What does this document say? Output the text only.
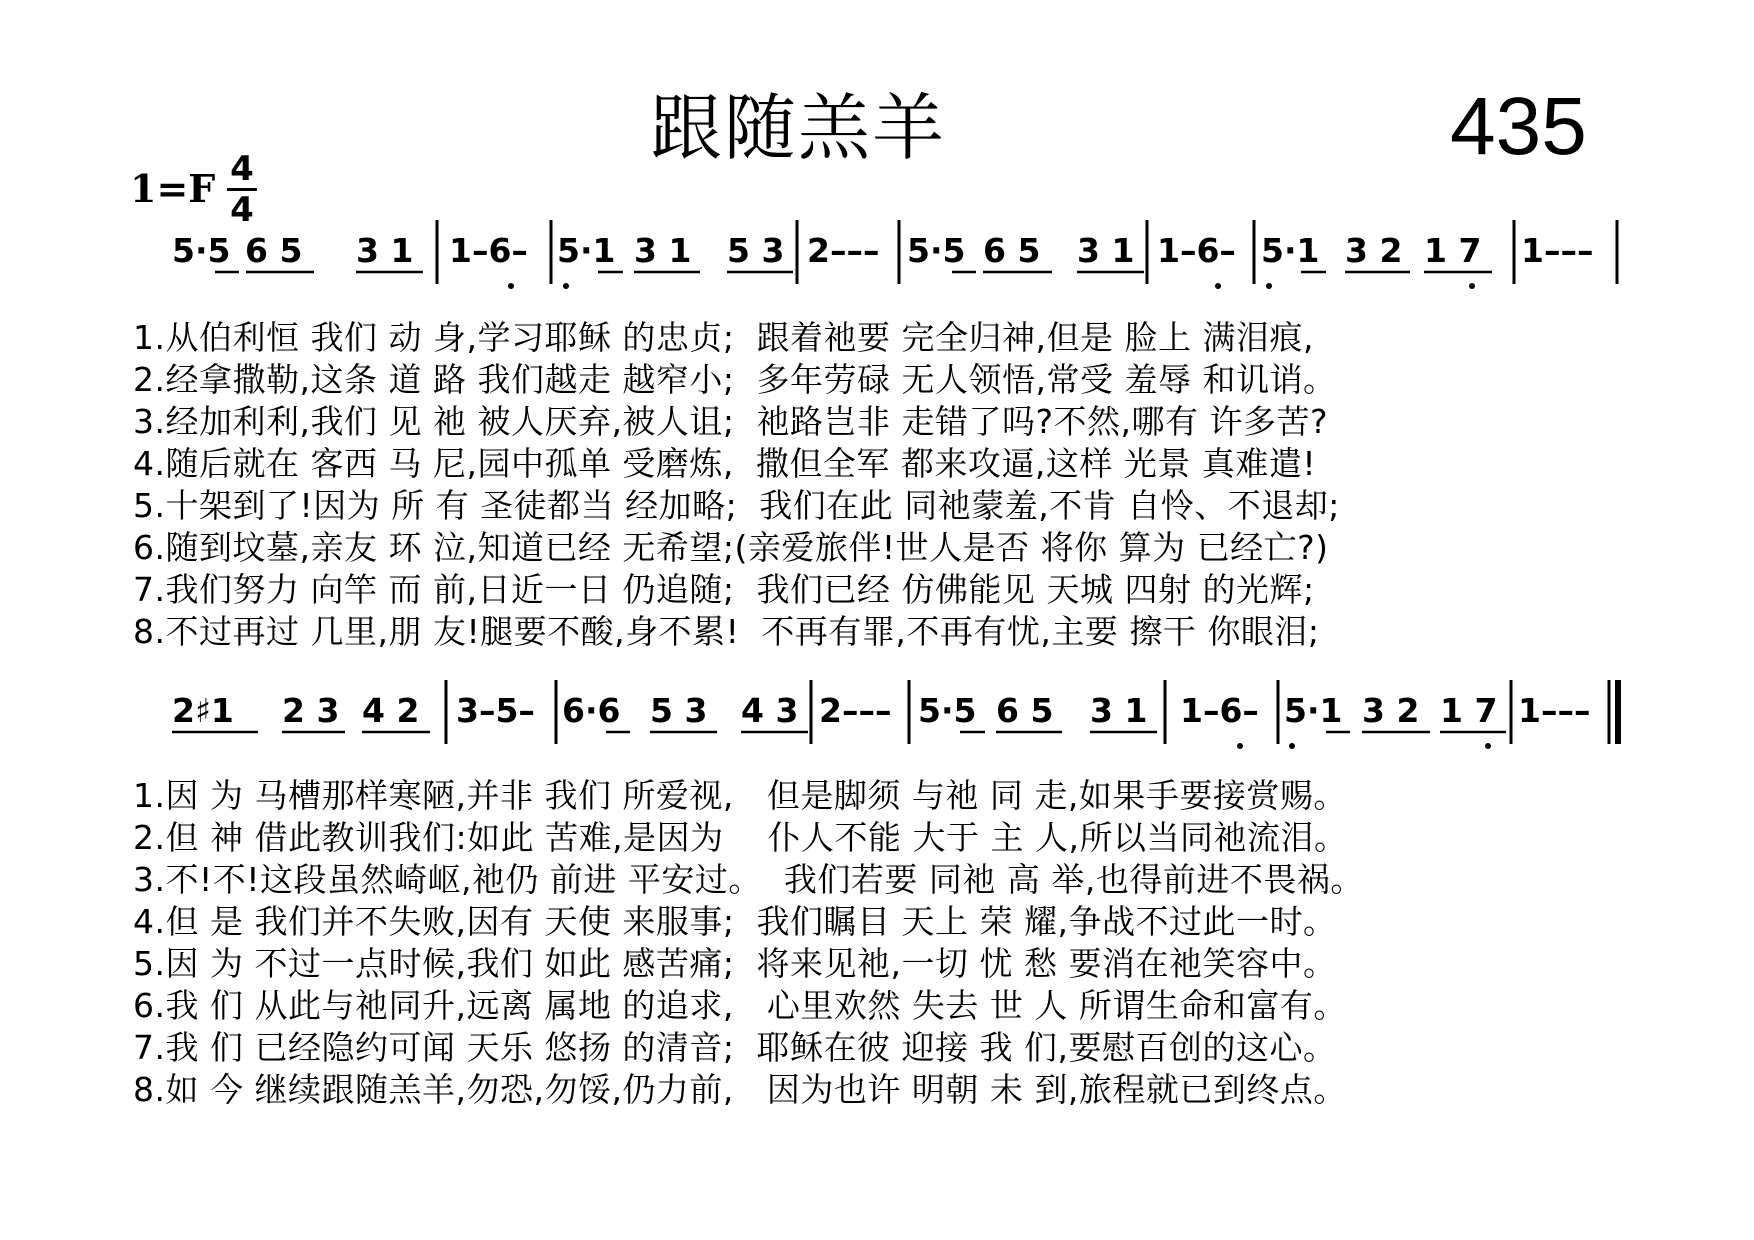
跟随羔羊	435
1=F 4
4
5·5 6 5 3 1 1–6– 5·1 3 1 5 3 2––– 5·5 6 5 3 1 1–6– 5·1 3 2 1 7 1–––
2♯1 2 3 4 2 3–5– 6·6 5 3 4 3 2––– 5·5 6 5 3 1 1–6– 5·1 3 2 1 7 1–––
1.从伯利恒 我们 动 身,学习耶稣 的忠贞;  跟着祂要 完全归神,但是 脸上 满泪痕,
2.经拿撒勒,这条 道 路 我们越走 越窄小;  多年劳碌 无人领悟,常受 羞辱 和讥诮。
3.经加利利,我们 见 祂 被人厌弃,被人诅;  祂路岂非 走错了吗?不然,哪有 许多苦?
4.随后就在 客西 马 尼,园中孤单 受磨炼,  撒但全军 都来攻逼,这样 光景 真难遣!
5.十架到了!因为 所 有 圣徒都当 经加略;  我们在此 同祂蒙羞,不肯 自怜、不退却;
6.随到坟墓,亲友 环 泣,知道已经 无希望;(亲爱旅伴!世人是否 将你 算为 已经亡?)
7.我们努力 向竿 而 前,日近一日 仍追随;  我们已经 仿佛能见 天城 四射 的光辉;
8.不过再过 几里,朋 友!腿要不酸,身不累!  不再有罪,不再有忧,主要 擦干 你眼泪;
1.因 为 马槽那样寒陋,并非 我们 所爱视,   但是脚须 与祂 同 走,如果手要接赏赐。
2.但 神 借此教训我们:如此 苦难,是因为    仆人不能 大于 主 人,所以当同祂流泪。
3.不!不!这段虽然崎岖,祂仍 前进 平安过。  我们若要 同祂 高 举,也得前进不畏祸。
4.但 是 我们并不失败,因有 天使 来服事;  我们瞩目 天上 荣 耀,争战不过此一时。
5.因 为 不过一点时候,我们 如此 感苦痛;  将来见祂,一切 忧 愁 要消在祂笑容中。
6.我 们 从此与祂同升,远离 属地 的追求,   心里欢然 失去 世 人 所谓生命和富有。
7.我 们 已经隐约可闻 天乐 悠扬 的清音;  耶稣在彼 迎接 我 们,要慰百创的这心。
8.如 今 继续跟随羔羊,勿恐,勿馁,仍力前,   因为也许 明朝 未 到,旅程就已到终点。
